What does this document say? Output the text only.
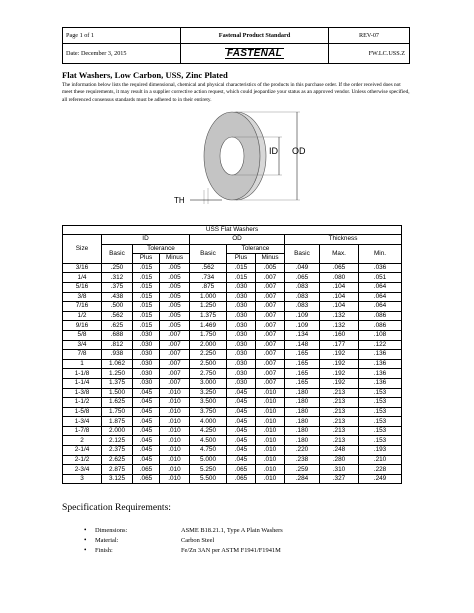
Page 1 of 1	Fastenal Product Standard	REV-07
Date: December 3, 2015	FASTENAL	FW.LC.USS.Z
Flat Washers, Low Carbon, USS, Zinc Plated
The information below lists the required dimensional, chemical and physical characteristics of the products in this purchase order. If the order received does not meet these requirements, it may result in a supplier corrective action request, which could jeopardize your status as an approved vendor. Unless otherwise specified, all referenced consensus standards must be adhered to in their entirety.
ID OD
TH
USS Flat Washers									
Size	ID			OD			Thickness		
	Basic	Tolerance		Basic	Tolerance		Basic	Max.	Min.
		Plus	Minus		Plus	Minus			
3/16	.250	.015	.005	.562	.015	.005	.049	.065	.036
1/4	.312	.015	.005	.734	.015	.007	.065	.080	.051
5/16	.375	.015	.005	.875	.030	.007	.083	.104	.064
3/8	.438	.015	.005	1.000	.030	.007	.083	.104	.064
7/16	.500	.015	.005	1.250	.030	.007	.083	.104	.064
1/2	.562	.015	.005	1.375	.030	.007	.109	.132	.086
9/16	.625	.015	.005	1.469	.030	.007	.109	.132	.086
5/8	.688	.030	.007	1.750	.030	.007	.134	.160	.108
3/4	.812	.030	.007	2.000	.030	.007	.148	.177	.122
7/8	.938	.030	.007	2.250	.030	.007	.165	.192	.136
1	1.062	.030	.007	2.500	.030	.007	.165	.192	.136
1-1/8	1.250	.030	.007	2.750	.030	.007	.165	.192	.136
1-1/4	1.375	.030	.007	3.000	.030	.007	.165	.192	.136
1-3/8	1.500	.045	.010	3.250	.045	.010	.180	.213	.153
1-1/2	1.625	.045	.010	3.500	.045	.010	.180	.213	.153
1-5/8	1.750	.045	.010	3.750	.045	.010	.180	.213	.153
1-3/4	1.875	.045	.010	4.000	.045	.010	.180	.213	.153
1-7/8	2.000	.045	.010	4.250	.045	.010	.180	.213	.153
2	2.125	.045	.010	4.500	.045	.010	.180	.213	.153
2-1/4	2.375	.045	.010	4.750	.045	.010	.220	.248	.193
2-1/2	2.625	.045	.010	5.000	.045	.010	.238	.280	.210
2-3/4	2.875	.065	.010	5.250	.065	.010	.259	.310	.228
3	3.125	.065	.010	5.500	.065	.010	.284	.327	.249
Specification Requirements:
•	Dimensions:	ASME B18.21.1, Type A Plain Washers
•	Material:	Carbon Steel
•	Finish:	Fe/Zn 3AN per ASTM F1941/F1941M
